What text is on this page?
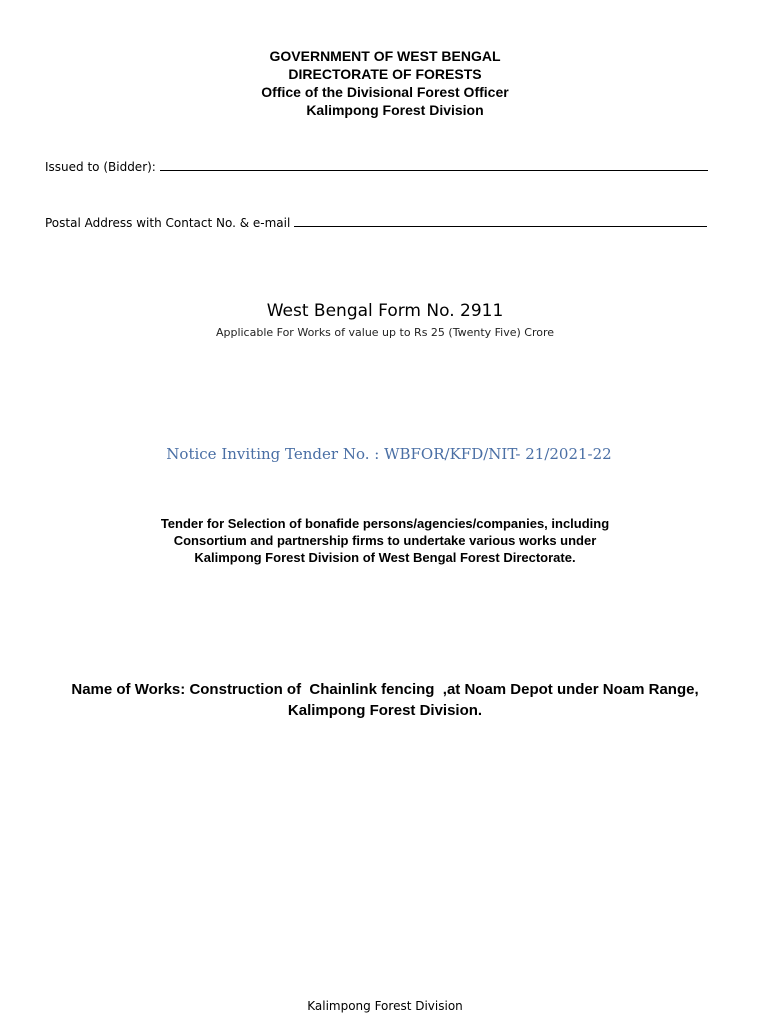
GOVERNMENT OF WEST BENGAL
DIRECTORATE OF FORESTS
Office of the Divisional Forest Officer
Kalimpong Forest Division
Issued to (Bidder):
Postal Address with Contact No. & e-mail
West Bengal Form No. 2911
Applicable For Works of value up to Rs 25 (Twenty Five) Crore
Notice Inviting Tender No. : WBFOR/KFD/NIT- 21/2021-22
Tender for Selection of bonafide persons/agencies/companies, including
Consortium and partnership firms to undertake various works under
Kalimpong Forest Division of West Bengal Forest Directorate.
Name of Works: Construction of  Chainlink fencing  ,at Noam Depot under Noam Range,
Kalimpong Forest Division.
Kalimpong Forest Division
